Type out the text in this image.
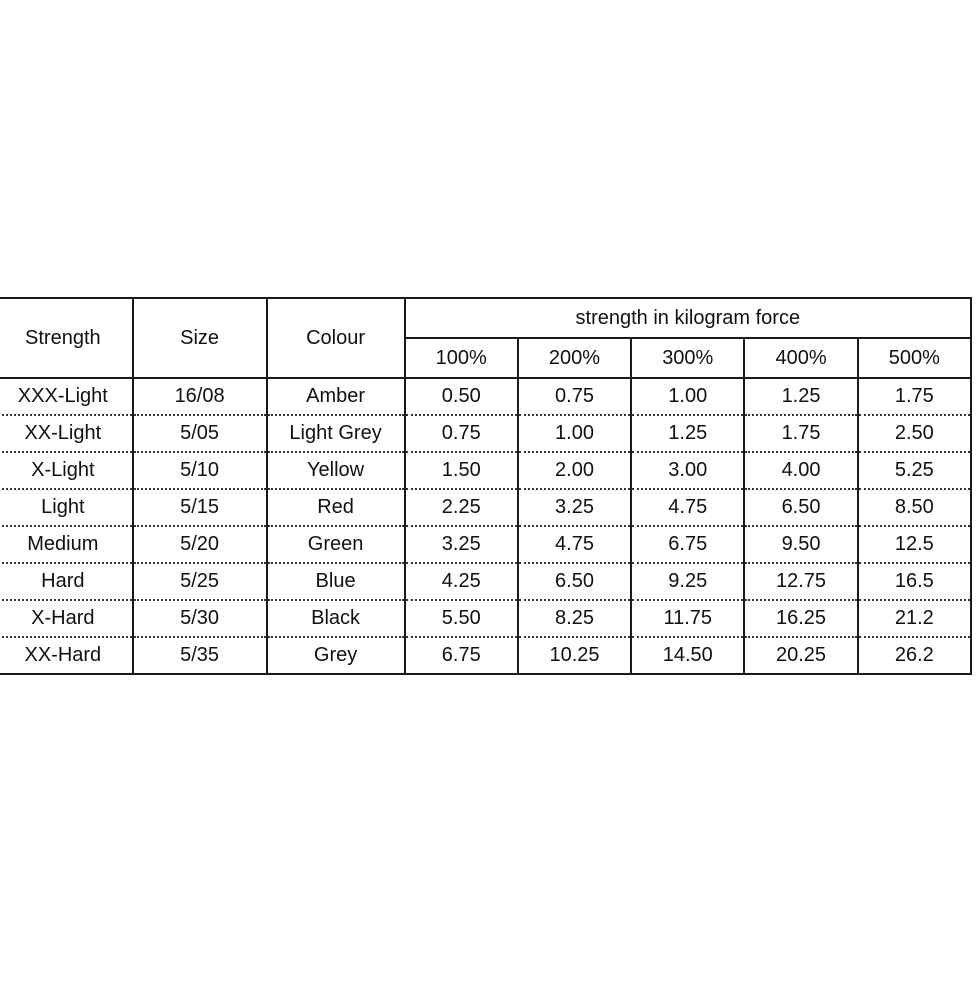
Strength	Size	Colour	strength in kilogram force				
			100%	200%	300%	400%	500%
XXX-Light	16/08	Amber	0.50	0.75	1.00	1.25	1.75
XX-Light	5/05	Light Grey	0.75	1.00	1.25	1.75	2.50
X-Light	5/10	Yellow	1.50	2.00	3.00	4.00	5.25
Light	5/15	Red	2.25	3.25	4.75	6.50	8.50
Medium	5/20	Green	3.25	4.75	6.75	9.50	12.5
Hard	5/25	Blue	4.25	6.50	9.25	12.75	16.5
X-Hard	5/30	Black	5.50	8.25	11.75	16.25	21.2
XX-Hard	5/35	Grey	6.75	10.25	14.50	20.25	26.2
